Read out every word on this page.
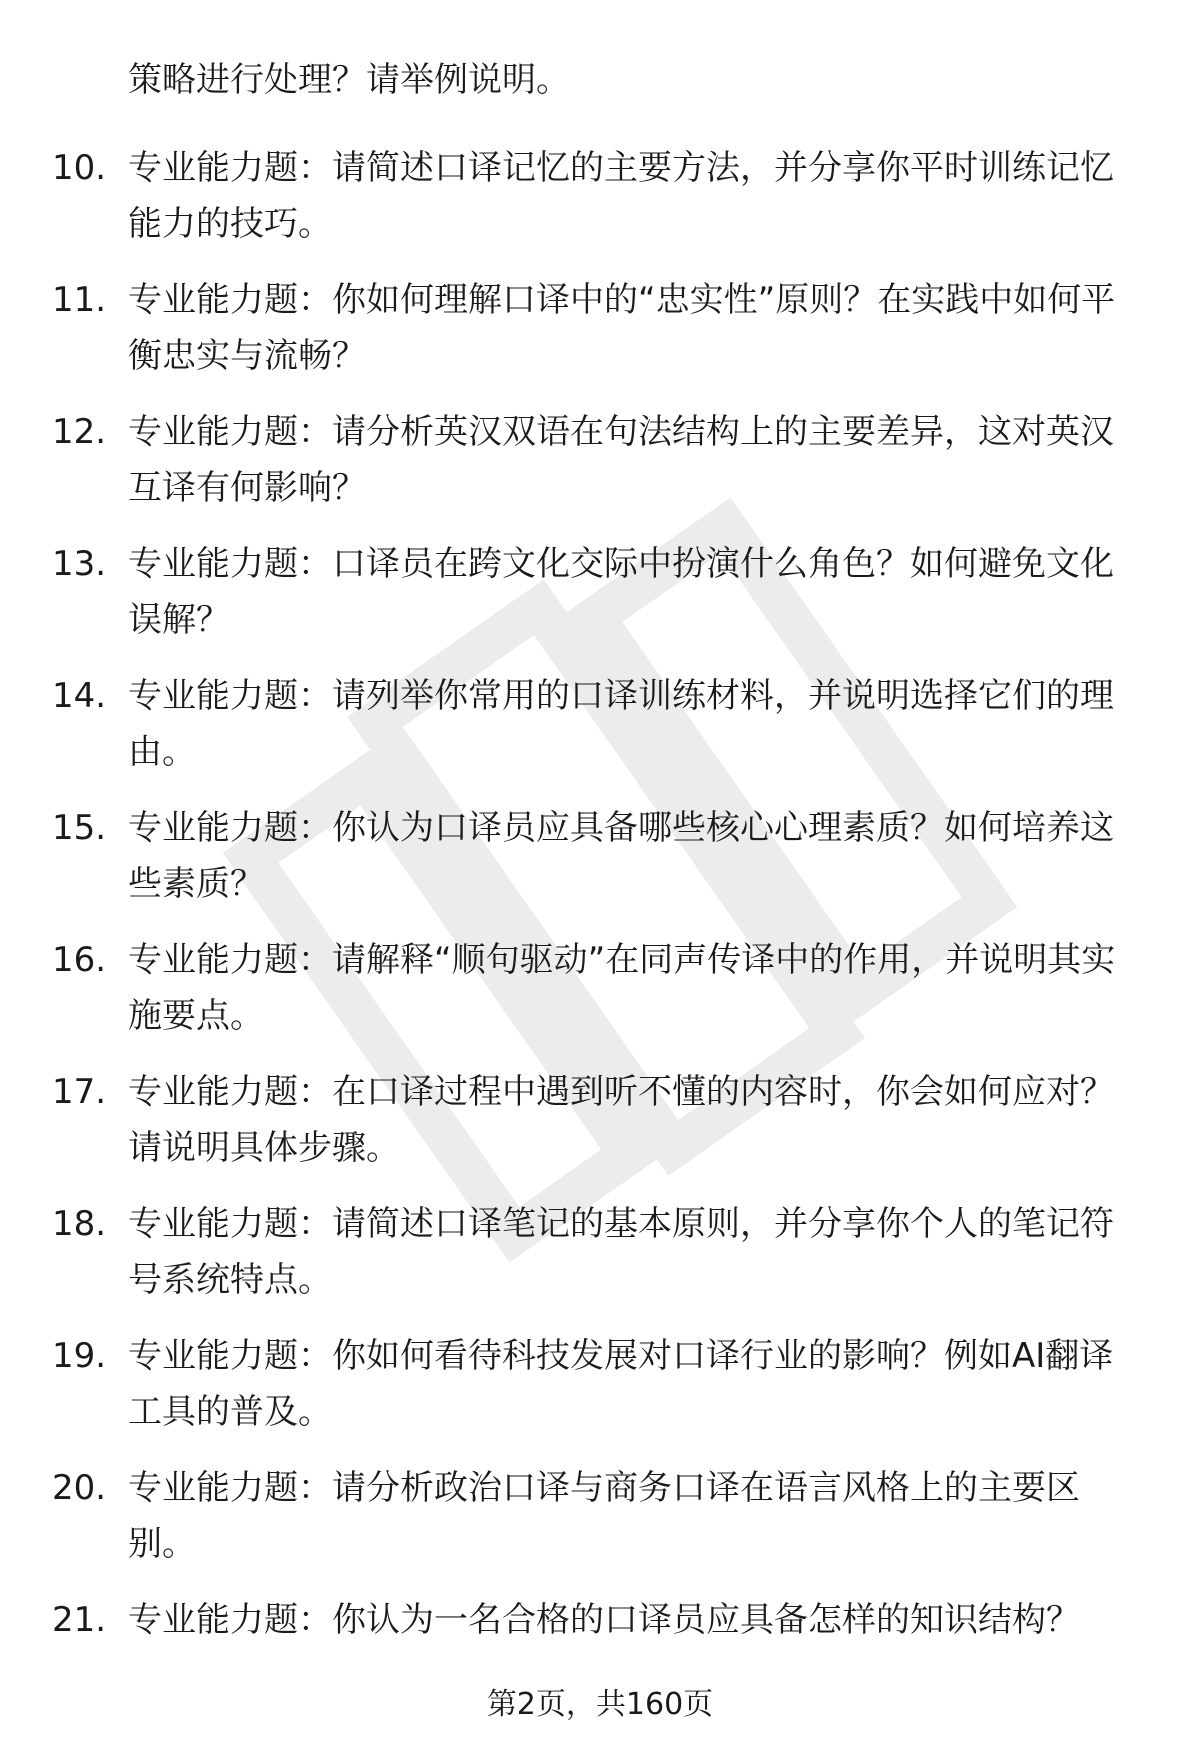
策略进行处理？请举例说明。
10. 专业能力题：请简述口译记忆的主要方法，并分享你平时训练记忆能力的技巧。
11. 专业能力题：你如何理解口译中的“忠实性”原则？在实践中如何平衡忠实与流畅？
12. 专业能力题：请分析英汉双语在句法结构上的主要差异，这对英汉互译有何影响？
13. 专业能力题：口译员在跨文化交际中扮演什么角色？如何避免文化误解？
14. 专业能力题：请列举你常用的口译训练材料，并说明选择它们的理由。
15. 专业能力题：你认为口译员应具备哪些核心心理素质？如何培养这些素质？
16. 专业能力题：请解释“顺句驱动”在同声传译中的作用，并说明其实施要点。
17. 专业能力题：在口译过程中遇到听不懂的内容时，你会如何应对？请说明具体步骤。
18. 专业能力题：请简述口译笔记的基本原则，并分享你个人的笔记符号系统特点。
19. 专业能力题：你如何看待科技发展对口译行业的影响？例如AI翻译工具的普及。
20. 专业能力题：请分析政治口译与商务口译在语言风格上的主要区别。
21. 专业能力题：你认为一名合格的口译员应具备怎样的知识结构？
第2页，共160页
